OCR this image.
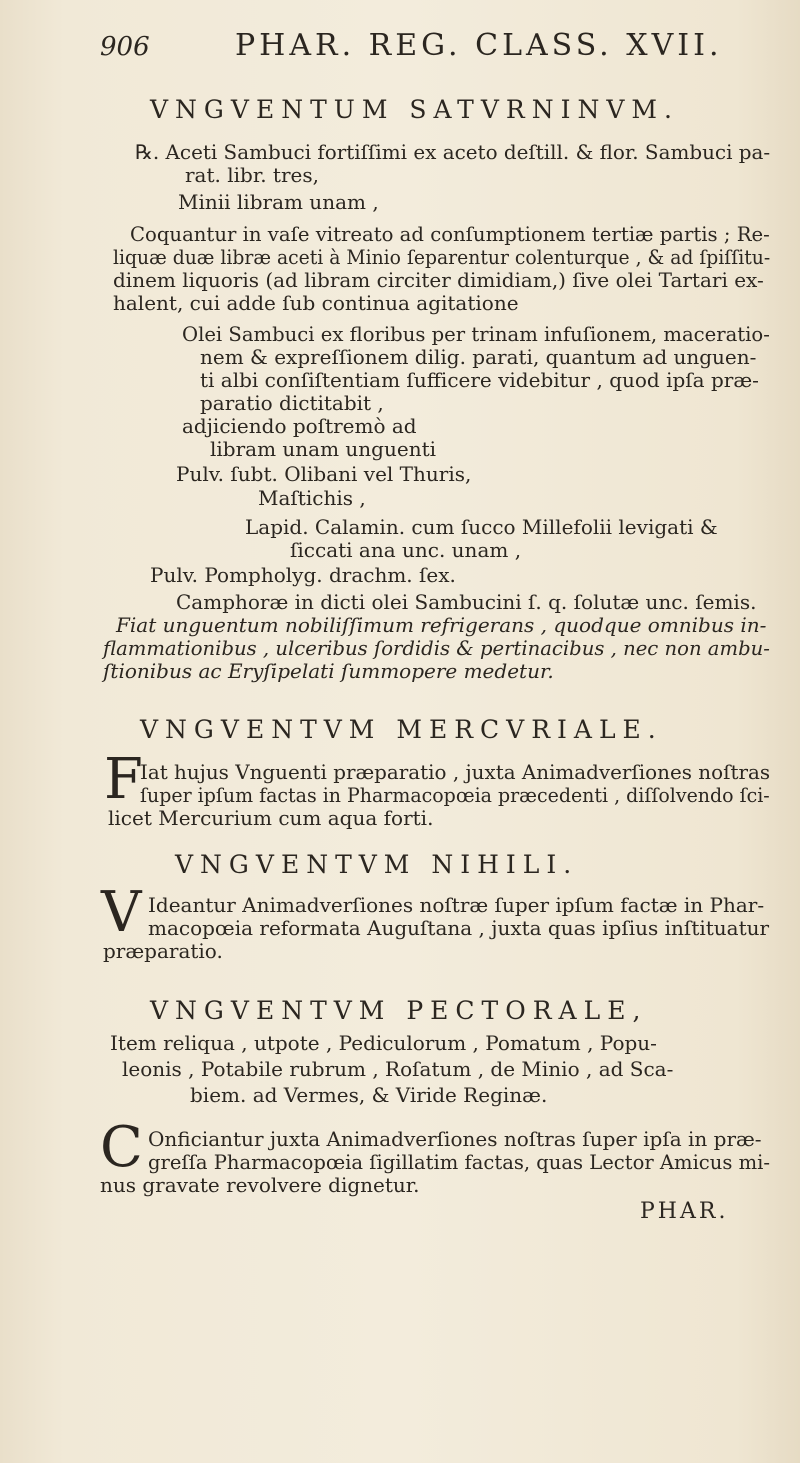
906	PHAR. REG. CLASS. XVII.
VNGVENTUM SATVRNINVM.
℞. Aceti Sambuci fortiſſimi ex aceto deſtill. & flor. Sambuci pa-
rat. libr. tres,
Minii libram unam ,
Coquantur in vaſe vitreato ad conſumptionem tertiæ partis ; Re-
liquæ duæ libræ aceti à Minio ſeparentur colenturque , & ad ſpiſſitu-
dinem liquoris (ad libram circiter dimidiam,) ſive olei Tartari ex-
halent, cui adde ſub continua agitatione
Olei Sambuci ex floribus per trinam infuſionem, maceratio-
nem & expreſſionem dilig. parati, quantum ad unguen-
ti albi conſiſtentiam ſufficere videbitur , quod ipſa præ-
paratio dictitabit ,
adjiciendo poſtremò ad
libram unam unguenti
Pulv. ſubt. Olibani vel Thuris,
Maſtichis ,
Lapid. Calamin. cum ſucco Millefolii levigati &
ſiccati ana unc. unam ,
Pulv. Pompholyg. drachm. ſex.
Camphoræ in dicti olei Sambucini ſ. q. ſolutæ unc. ſemis.
Fiat unguentum nobiliſſimum refrigerans , quodque omnibus in-
flammationibus , ulceribus ſordidis & pertinacibus , nec non ambu-
ſtionibus ac Eryſipelati ſummopere medetur.
VNGVENTVM MERCVRIALE.
F
Iat hujus Vnguenti præparatio , juxta Animadverſiones noſtras
ſuper ipſum factas in Pharmacopœia præcedenti , diſſolvendo ſci-
licet Mercurium cum aqua forti.
VNGVENTVM NIHILI.
V Ideantur Animadverſiones noſtræ ſuper ipſum factæ in Phar-
macopœia reformata Auguſtana , juxta quas ipſius inſtituatur
præparatio.
VNGVENTVM PECTORALE,
Item reliqua , utpote , Pediculorum , Pomatum , Popu-
leonis , Potabile rubrum , Roſatum , de Minio , ad Sca-
biem. ad Vermes, & Viride Reginæ.
C Onficiantur juxta Animadverſiones noſtras ſuper ipſa in præ-
greſſa Pharmacopœia ſigillatim factas, quas Lector Amicus mi-
nus gravate revolvere dignetur.
PHAR.
